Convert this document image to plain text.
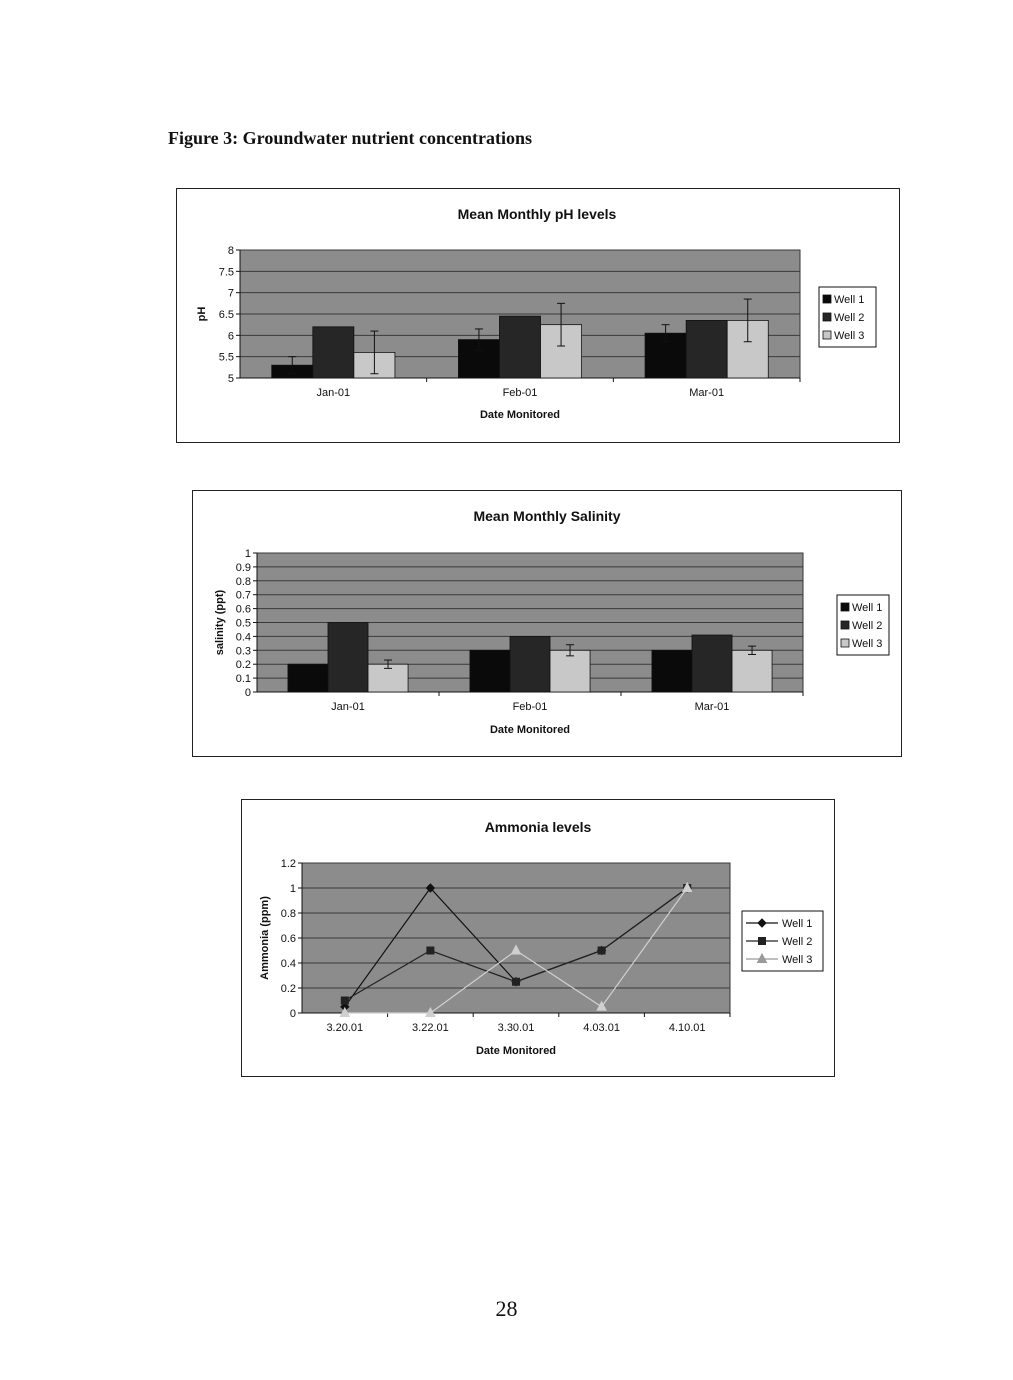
Figure 3: Groundwater nutrient concentrations
Mean Monthly pH levels
5
5.5
6
6.5
7
7.5
8
pH
Date Monitored
Jan-01	Feb-01	Mar-01
Well 1
Well 2
Well 3
Mean Monthly Salinity
0
0.1
0.2
0.3
0.4
0.5
0.6
0.7
0.8
0.9
1
salinity (ppt)
Date Monitored
Jan-01	Feb-01	Mar-01
Well 1
Well 2
Well 3
Ammonia levels
0
0.2
0.4
0.6
0.8
1
1.2
Ammonia (ppm)
Date Monitored
3.20.01	3.22.01	3.30.01	4.03.01	4.10.01
Well 1
Well 2
Well 3
28
